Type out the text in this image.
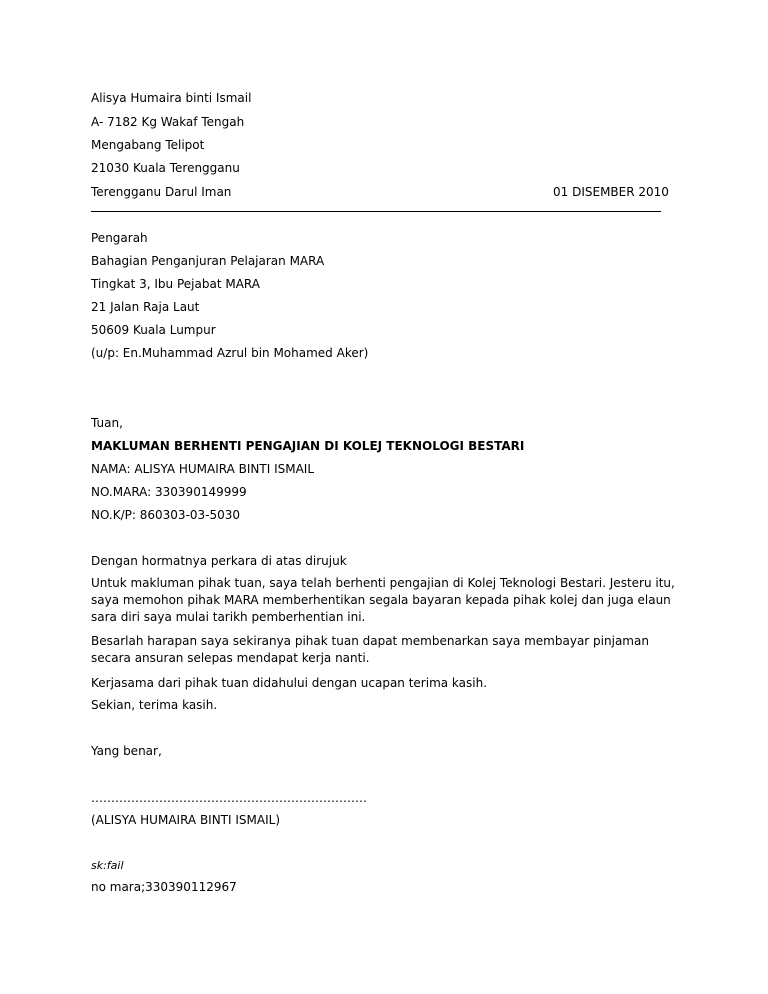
Alisya Humaira binti Ismail
A- 7182 Kg Wakaf Tengah
Mengabang Telipot
21030 Kuala Terengganu
Terengganu Darul Iman	01 DISEMBER 2010
Pengarah
Bahagian Penganjuran Pelajaran MARA
Tingkat 3, Ibu Pejabat MARA
21 Jalan Raja Laut
50609 Kuala Lumpur
(u/p: En.Muhammad Azrul bin Mohamed Aker)
Tuan,
MAKLUMAN BERHENTI PENGAJIAN DI KOLEJ TEKNOLOGI BESTARI
NAMA: ALISYA HUMAIRA BINTI ISMAIL
NO.MARA: 330390149999
NO.K/P: 860303-03-5030
Dengan hormatnya perkara di atas dirujuk
Untuk makluman pihak tuan, saya telah berhenti pengajian di Kolej Teknologi Bestari. Jesteru itu, saya memohon pihak MARA memberhentikan segala bayaran kepada pihak kolej dan juga elaun sara diri saya mulai tarikh pemberhentian ini.
Besarlah harapan saya sekiranya pihak tuan dapat membenarkan saya membayar pinjaman secara ansuran selepas mendapat kerja nanti.
Kerjasama dari pihak tuan didahului dengan ucapan terima kasih.
Sekian, terima kasih.
Yang benar,
……………………………………………………………
(ALISYA HUMAIRA BINTI ISMAIL)
sk:fail
no mara;330390112967
